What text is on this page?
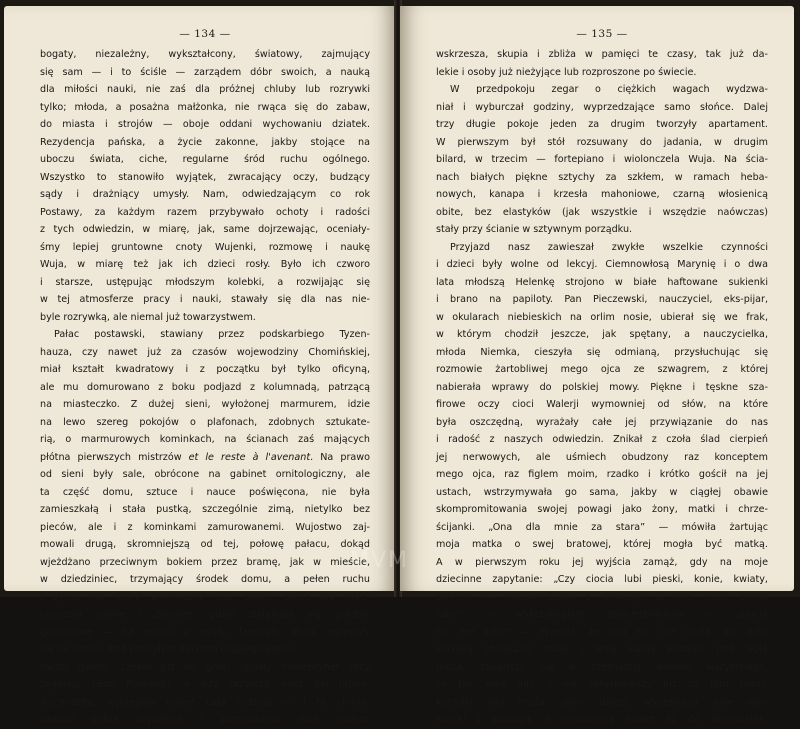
— 134 —
bogaty, niezależny, wykształcony, światowy, zajmujący
się sam — i to ściśle — zarządem dóbr swoich, a nauką
dla miłości nauki, nie zaś dla próżnej chluby lub rozrywki
tylko; młoda, a posażna małżonka, nie rwąca się do zabaw,
do miasta i strojów — oboje oddani wychowaniu dziatek.
Rezydencja pańska, a życie zakonne, jakby stojące na
uboczu świata, ciche, regularne śród ruchu ogólnego.
Wszystko to stanowiło wyjątek, zwracający oczy, budzący
sądy i drażniący umysły. Nam, odwiedzającym co rok
Postawy, za każdym razem przybywało ochoty i radości
z tych odwiedzin, w miarę, jak, same dojrzewając, oceniały-
śmy lepiej gruntowne cnoty Wujenki, rozmowę i naukę
Wuja, w miarę też jak ich dzieci rosły. Było ich czworo
i starsze, ustępując młodszym kolebki, a rozwijając się
w tej atmosferze pracy i nauki, stawały się dla nas nie-
byle rozrywką, ale niemal już towarzystwem.
Pałac postawski, stawiany przez podskarbiego Tyzen-
hauza, czy nawet już za czasów wojewodziny Chomińskiej,
miał kształt kwadratowy i z początku był tylko oficyną,
ale mu domurowano z boku podjazd z kolumnadą, patrzącą
na miasteczko. Z dużej sieni, wyłożonej marmurem, idzie
na lewo szereg pokojów o plafonach, zdobnych sztukate-
rią, o marmurowych kominkach, na ścianach zaś mających
płótna pierwszych mistrzów et le reste à l'avenant. Na prawo
od sieni były sale, obrócone na gabinet ornitologiczny, ale
ta część domu, sztuce i nauce poświęcona, nie była
zamieszkałą i stała pustką, szczególnie zimą, nietylko bez
pieców, ale i z kominkami zamurowanemi. Wujostwo zaj-
mowali drugą, skromniejszą od tej, połowę pałacu, dokąd
wjeżdżano przeciwnym bokiem przez bramę, jak w mieście,
w dziedziniec, trzymający środek domu, a pełen ruchu
i życia, na który wychodziły trzy ganki, gdzie się prze-
chadzały pawie i żórawie, gdzie zlatywały się gołębie
gatunkowe — na groch, a wyżły, faworyty Wuja, wylegały
się na słońcu. Pod pochyłym dachem długiego ganku,
raczej galerji, czekał już na gości opasły kamerdyner przy
zegarku, Leon Pacewski, a gdy przyjazd nasz był latem,
wychodziła, wybiegała nawet cała rodzina — i ta chwila,
zawsze pełna ożywienia i zamieszania, dziś jeszcze
— 135 —
wskrzesza, skupia i zbliża w pamięci te czasy, tak już da-
lekie i osoby już nieżyjące lub rozproszone po świecie.
W przedpokoju zegar o ciężkich wagach wydzwa-
niał i wyburczał godziny, wyprzedzające samo słońce. Dalej
trzy długie pokoje jeden za drugim tworzyły apartament.
W pierwszym był stół rozsuwany do jadania, w drugim
bilard, w trzecim — fortepiano i wiolonczela Wuja. Na ścia-
nach białych piękne sztychy za szkłem, w ramach heba-
nowych, kanapa i krzesła mahoniowe, czarną włosienicą
obite, bez elastyków (jak wszystkie i wszędzie naówczas)
stały przy ścianie w sztywnym porządku.
Przyjazd nasz zawieszał zwykłe wszelkie czynności
i dzieci były wolne od lekcyj. Ciemnowłosą Marynię i o dwa
lata młodszą Helenkę strojono w białe haftowane sukienki
i brano na papiloty. Pan Pieczewski, nauczyciel, eks-pijar,
w okularach niebieskich na orlim nosie, ubierał się we frak,
w którym chodził jeszcze, jak spętany, a nauczycielka,
młoda Niemka, cieszyła się odmianą, przysłuchując się
rozmowie żartobliwej mego ojca ze szwagrem, z której
nabierała wprawy do polskiej mowy. Piękne i tęskne sza-
firowe oczy cioci Walerji wymowniej od słów, na które
była oszczędną, wyrażały całe jej przywiązanie do nas
i radość z naszych odwiedzin. Znikał z czoła ślad cierpień
jej nerwowych, ale uśmiech obudzony raz konceptem
mego ojca, raz figlem moim, rzadko i krótko gościł na jej
ustach, wstrzymywała go sama, jakby w ciągłej obawie
skompromitowania swojej powagi jako żony, matki i chrze-
ścijanki. „Ona dla mnie za stara” — mówiła żartując
moja matka o swej bratowej, której mogła być matką.
A w pierwszym roku jej wyjścia zamąż, gdy na moje
dziecinne zapytanie: „Czy ciocia lubi pieski, konie, kwiaty,
tańce?” — odpowiedziała z powagą, że nie, „Cóż ciocia
lubi?” — wykrzyknęłam zniecierpliwiona — „ciocia
nic nie lubi?” — Prawda, że ona nic nie lubiła, ale zato
kochała obowiązki swoje i wolę swoją poddała pod wolę
męża, zaparłszy się w szesnastej wiośnie wszystkiego,
co tak wiek lubi, i nie zatęskniwszy już za tym nigdy.
Kochała ona męża, dom, dzieci, wypełniając swe obo-
wiązki z powagą, z surowością nawet aż do drobnostek.
MVM
